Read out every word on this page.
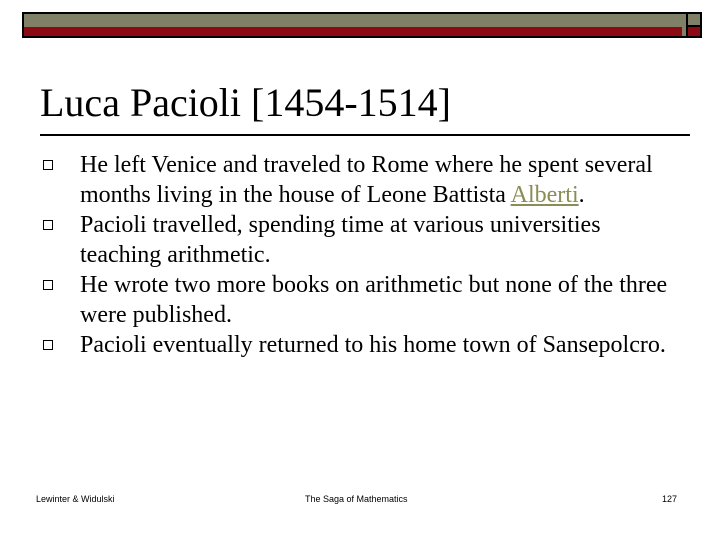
Luca Pacioli [1454-1514]
He left Venice and traveled to Rome where he spent several months living in the house of Leone Battista Alberti.
Pacioli travelled, spending time at various universities teaching arithmetic.
He wrote two more books on arithmetic but none of the three were published.
Pacioli eventually returned to his home town of Sansepolcro.
Lewinter & Widulski	The Saga of Mathematics	127
